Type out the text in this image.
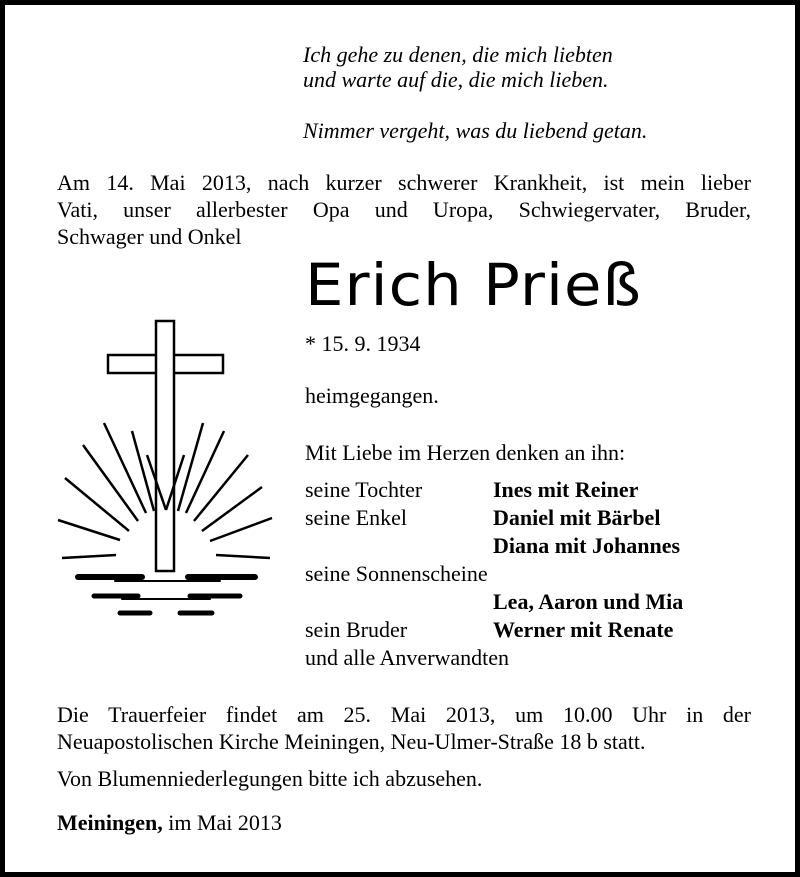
Ich gehe zu denen, die mich liebten
und warte auf die, die mich lieben.
Nimmer vergeht, was du liebend getan.
Am 14. Mai 2013, nach kurzer schwerer Krankheit, ist mein lieber
Vati, unser allerbester Opa und Uropa, Schwiegervater, Bruder,
Schwager und Onkel
Erich Prieß
* 15. 9. 1934
heimgegangen.
Mit Liebe im Herzen denken an ihn:
seine Tochter	Ines mit Reiner
seine Enkel	Daniel mit Bärbel
Diana mit Johannes
seine Sonnenscheine
Lea, Aaron und Mia
sein Bruder	Werner mit Renate
und alle Anverwandten
Die Trauerfeier findet am 25. Mai 2013, um 10.00 Uhr in der
Neuapostolischen Kirche Meiningen, Neu-Ulmer-Straße 18 b statt.
Von Blumenniederlegungen bitte ich abzusehen.
Meiningen, im Mai 2013
